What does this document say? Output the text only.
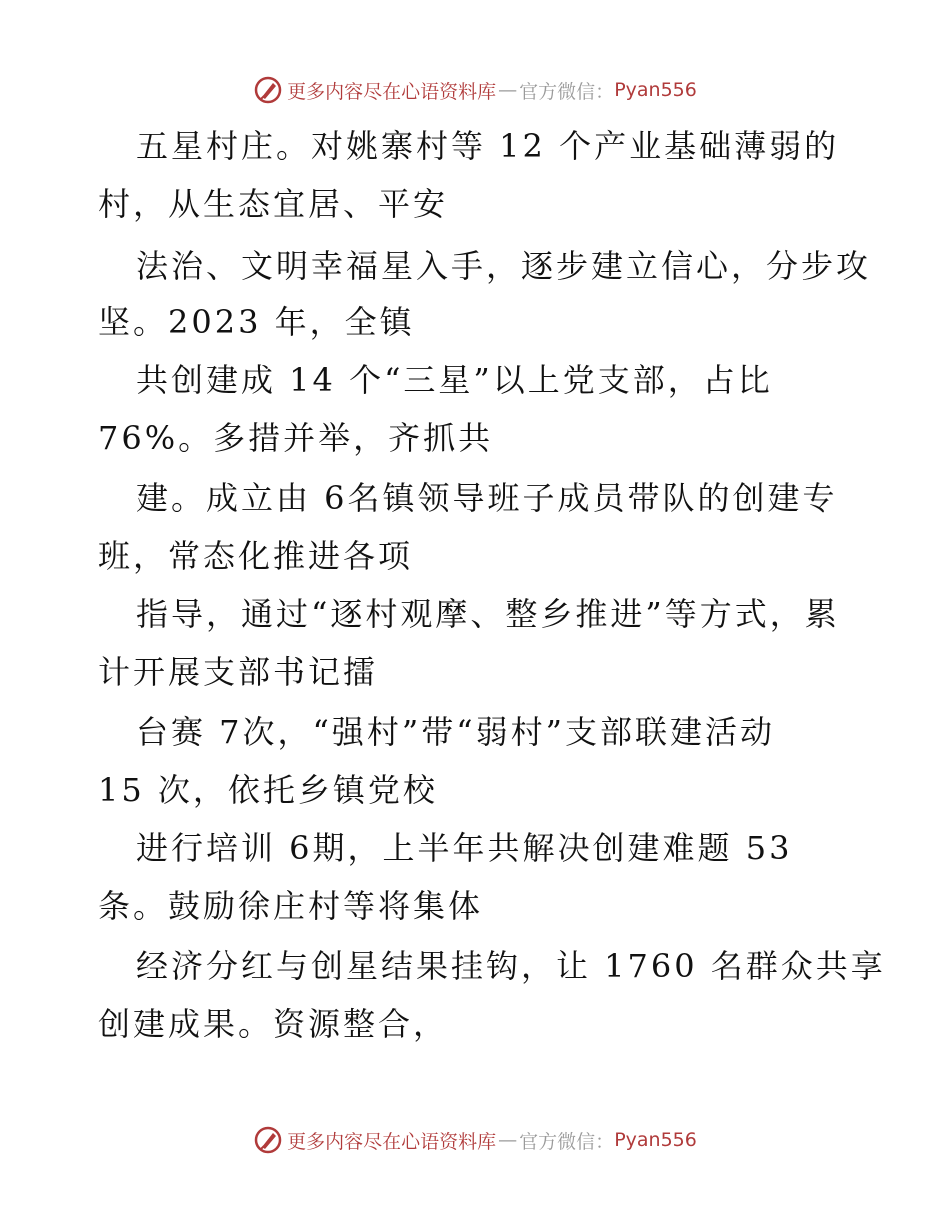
更多内容尽在心语资料库 — 官方微信： Pyan556
五星村庄。对姚寨村等 12 个产业基础薄弱的
村，从生态宜居、平安
法治、文明幸福星入手，逐步建立信心，分步攻
坚。2023 年，全镇
共创建成 14 个“三星”以上党支部，占比
76%。多措并举，齐抓共
建。成立由 6名镇领导班子成员带队的创建专
班，常态化推进各项
指导，通过“逐村观摩、整乡推进”等方式，累
计开展支部书记擂
台赛 7次，“强村”带“弱村”支部联建活动
15 次，依托乡镇党校
进行培训 6期，上半年共解决创建难题 53
条。鼓励徐庄村等将集体
经济分红与创星结果挂钩，让 1760 名群众共享
创建成果。资源整合，
更多内容尽在心语资料库 — 官方微信： Pyan556
